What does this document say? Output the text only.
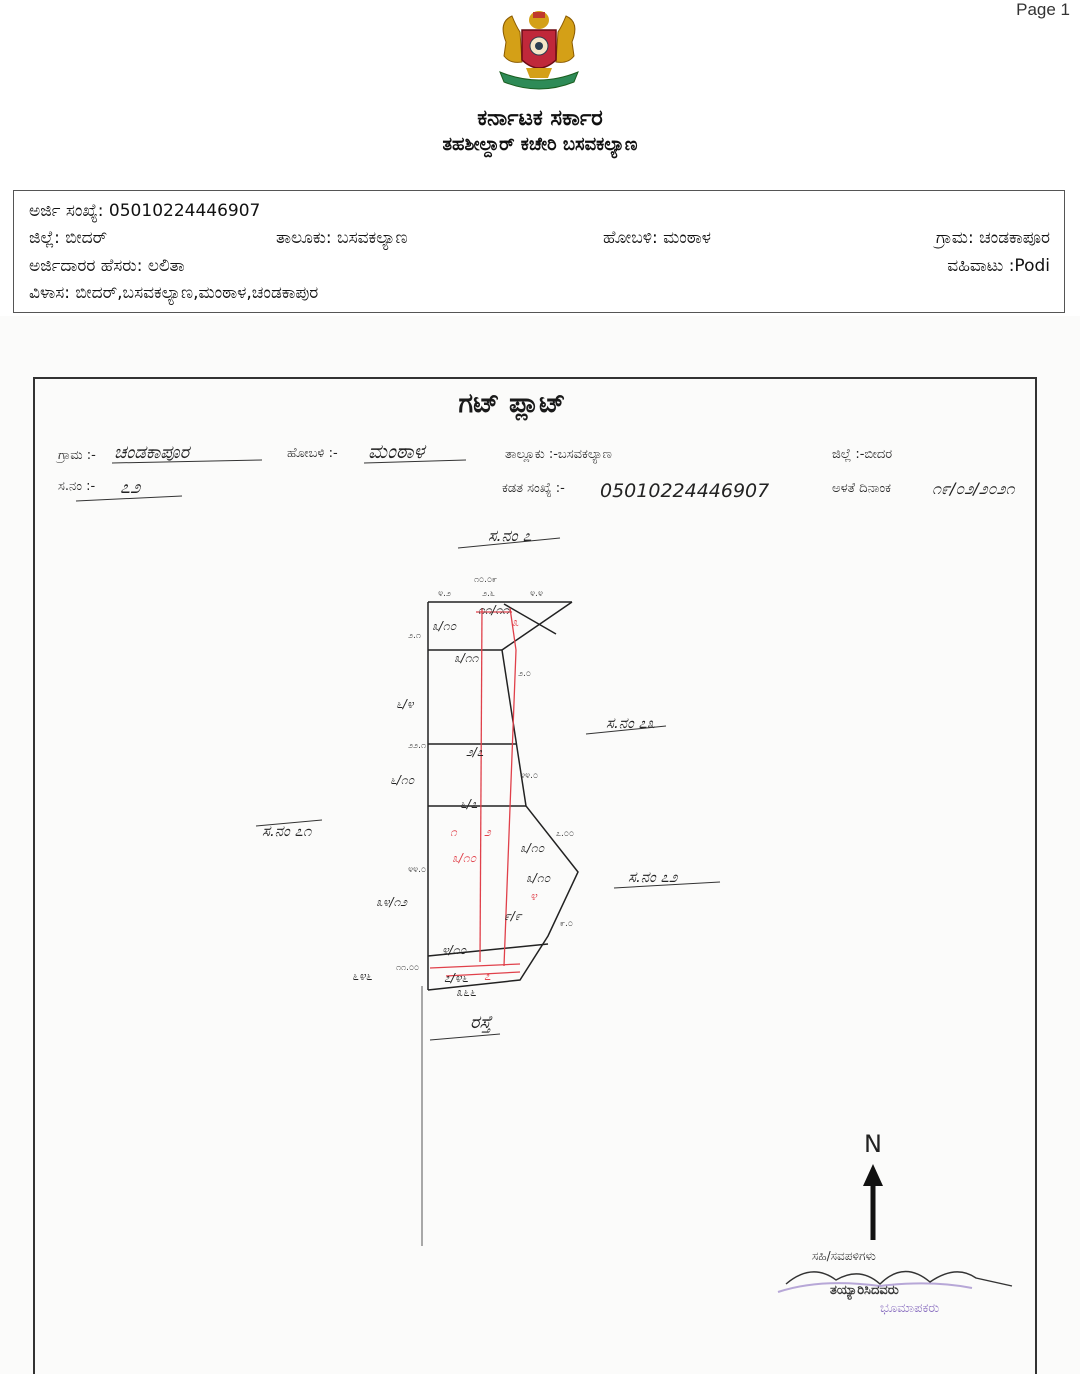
Page 1
ಕರ್ನಾಟಕ ಸರ್ಕಾರ
ತಹಶೀಲ್ದಾರ್ ಕಚೇರಿ ಬಸವಕಲ್ಯಾಣ
ಅರ್ಜಿ ಸಂಖ್ಯೆ: 05010224446907
ಜಿಲ್ಲೆ: ಬೀದರ್	ತಾಲೂಕು: ಬಸವಕಲ್ಯಾಣ	ಹೋಬಳಿ: ಮಂಠಾಳ	ಗ್ರಾಮ: ಚಂಡಕಾಪೂರ
ಅರ್ಜಿದಾರರ ಹೆಸರು: ಲಲಿತಾ	ವಹಿವಾಟು :Podi
ವಿಳಾಸ: ಬೀದರ್,ಬಸವಕಲ್ಯಾಣ,ಮಂಠಾಳ,ಚಂಡಕಾಪುರ
ಗಟ್ ಪ್ಲಾಟ್
ಗ್ರಾಮ :- ಚಂಡಕಾಪೂರ	ಹೋಬಳಿ :- ಮಂಠಾಳ	ತಾಲ್ಲೂಕು :-ಬಸವಕಲ್ಯಾಣ	ಜಿಲ್ಲೆ :-ಬೀದರ
ಸ.ನಂ :- ೭೨	ಕಡತ ಸಂಖ್ಯೆ :- 05010224446907	ಅಳತೆ ದಿನಾಂಕ	೧೯/೦೨/೨೦೨೧
ಸ.ನಂ ೭
ಸ.ನಂ ೭೩
ಸ.ನಂ ೭೨
ಸ.ನಂ ೭೧
ರಸ್ತೆ
೧೦.೦೯
೪.೨	೨.೬	೪.೪
೨.೧
೨೨.೧
೪೪.೦
೨.೦
೪೪.೦
೭.೦೦
೯.೦
೧೧.೦೦
೩/೧೦
೧೧/೧೧
೩/೧೧
೬/೪
೬/೧೦
೨/೭
೬/೭
೩೪/೧೨
೩/೧೦
೩/೧೦
೯/೯
೪/೧೦
೬೪೬	೭/೪೬
೩೬೬
೩
೧ ೨
೩/೧೦
೪
೭
N
ಸಹಿ/ಸವಪಳಿಗಳು
ತಯ್ಯಾರಿಸಿದವರು
ಭೂಮಾಪಕರು
